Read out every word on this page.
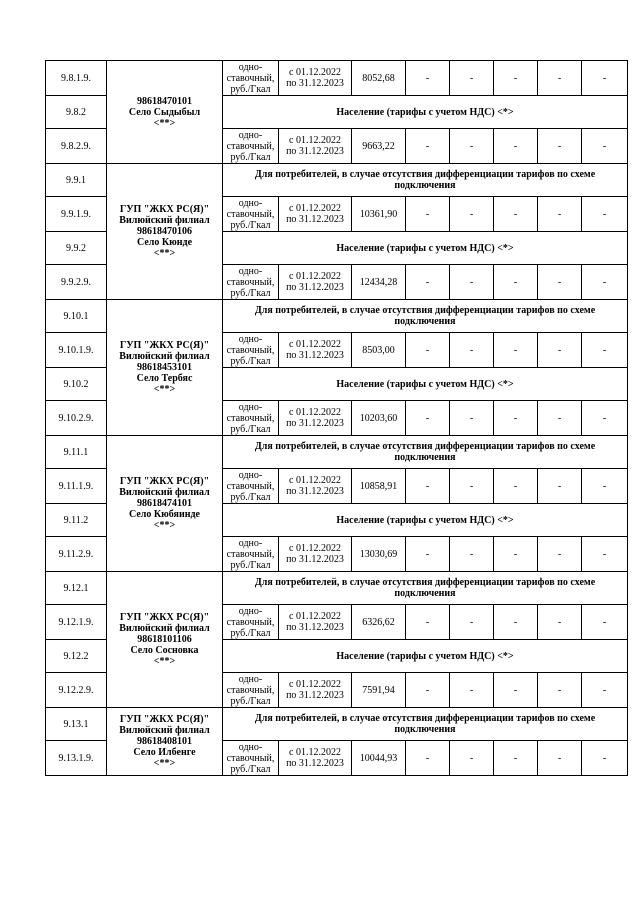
9.8.1.9.	98618470101
Село Сыдыбыл
<**>	одно-
ставочный,
руб./Гкал	с 01.12.2022
по 31.12.2023	8052,68	-	-	-	-	-
9.8.2		Население (тарифы с учетом НДС) <*>							
9.8.2.9.		одно-
ставочный,
руб./Гкал	с 01.12.2022
по 31.12.2023	9663,22	-	-	-	-	-
9.9.1	ГУП "ЖКХ РС(Я)"
Вилюйский филиал
98618470106
Село Кюнде
<**>	Для потребителей, в случае отсутствия дифференциации тарифов по схеме подключения							
9.9.1.9.		одно-
ставочный,
руб./Гкал	с 01.12.2022
по 31.12.2023	10361,90	-	-	-	-	-
9.9.2		Население (тарифы с учетом НДС) <*>							
9.9.2.9.		одно-
ставочный,
руб./Гкал	с 01.12.2022
по 31.12.2023	12434,28	-	-	-	-	-
9.10.1	ГУП "ЖКХ РС(Я)"
Вилюйский филиал
98618453101
Село Тербяс
<**>	Для потребителей, в случае отсутствия дифференциации тарифов по схеме подключения							
9.10.1.9.		одно-
ставочный,
руб./Гкал	с 01.12.2022
по 31.12.2023	8503,00	-	-	-	-	-
9.10.2		Население (тарифы с учетом НДС) <*>							
9.10.2.9.		одно-
ставочный,
руб./Гкал	с 01.12.2022
по 31.12.2023	10203,60	-	-	-	-	-
9.11.1	ГУП "ЖКХ РС(Я)"
Вилюйский филиал
98618474101
Село Кюбяинде
<**>	Для потребителей, в случае отсутствия дифференциации тарифов по схеме подключения							
9.11.1.9.		одно-
ставочный,
руб./Гкал	с 01.12.2022
по 31.12.2023	10858,91	-	-	-	-	-
9.11.2		Население (тарифы с учетом НДС) <*>							
9.11.2.9.		одно-
ставочный,
руб./Гкал	с 01.12.2022
по 31.12.2023	13030,69	-	-	-	-	-
9.12.1	ГУП "ЖКХ РС(Я)"
Вилюйский филиал
98618101106
Село Сосновка
<**>	Для потребителей, в случае отсутствия дифференциации тарифов по схеме подключения							
9.12.1.9.		одно-
ставочный,
руб./Гкал	с 01.12.2022
по 31.12.2023	6326,62	-	-	-	-	-
9.12.2		Население (тарифы с учетом НДС) <*>							
9.12.2.9.		одно-
ставочный,
руб./Гкал	с 01.12.2022
по 31.12.2023	7591,94	-	-	-	-	-
9.13.1	ГУП "ЖКХ РС(Я)"
Вилюйский филиал
98618408101
Село Илбенге
<**>	Для потребителей, в случае отсутствия дифференциации тарифов по схеме подключения							
9.13.1.9.		одно-
ставочный,
руб./Гкал	с 01.12.2022
по 31.12.2023	10044,93	-	-	-	-	-
